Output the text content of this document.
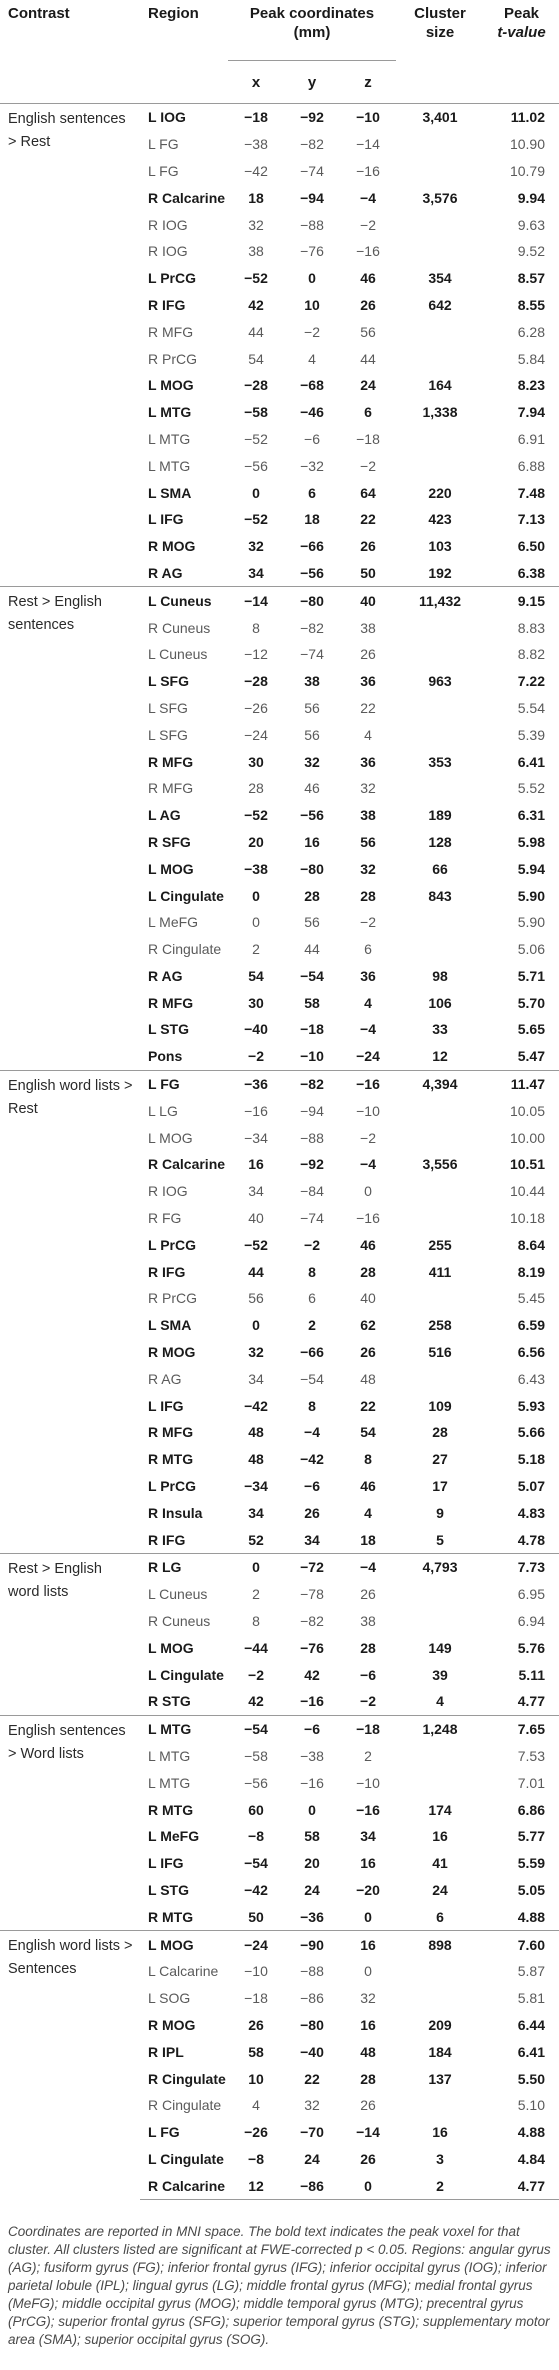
Contrast	Region	Peak coordinates (mm)			Cluster size	Peak
t-value
		x	y	z		
English sentences > Rest	L IOG	−18	−92	−10	3,401	11.02
	L FG	−38	−82	−14		10.90
	L FG	−42	−74	−16		10.79
	R Calcarine	18	−94	−4	3,576	9.94
	R IOG	32	−88	−2		9.63
	R IOG	38	−76	−16		9.52
	L PrCG	−52	0	46	354	8.57
	R IFG	42	10	26	642	8.55
	R MFG	44	−2	56		6.28
	R PrCG	54	4	44		5.84
	L MOG	−28	−68	24	164	8.23
	L MTG	−58	−46	6	1,338	7.94
	L MTG	−52	−6	−18		6.91
	L MTG	−56	−32	−2		6.88
	L SMA	0	6	64	220	7.48
	L IFG	−52	18	22	423	7.13
	R MOG	32	−66	26	103	6.50
	R AG	34	−56	50	192	6.38
Rest > English sentences	L Cuneus	−14	−80	40	11,432	9.15
	R Cuneus	8	−82	38		8.83
	L Cuneus	−12	−74	26		8.82
	L SFG	−28	38	36	963	7.22
	L SFG	−26	56	22		5.54
	L SFG	−24	56	4		5.39
	R MFG	30	32	36	353	6.41
	R MFG	28	46	32		5.52
	L AG	−52	−56	38	189	6.31
	R SFG	20	16	56	128	5.98
	L MOG	−38	−80	32	66	5.94
	L Cingulate	0	28	28	843	5.90
	L MeFG	0	56	−2		5.90
	R Cingulate	2	44	6		5.06
	R AG	54	−54	36	98	5.71
	R MFG	30	58	4	106	5.70
	L STG	−40	−18	−4	33	5.65
	Pons	−2	−10	−24	12	5.47
English word lists > Rest	L FG	−36	−82	−16	4,394	11.47
	L LG	−16	−94	−10		10.05
	L MOG	−34	−88	−2		10.00
	R Calcarine	16	−92	−4	3,556	10.51
	R IOG	34	−84	0		10.44
	R FG	40	−74	−16		10.18
	L PrCG	−52	−2	46	255	8.64
	R IFG	44	8	28	411	8.19
	R PrCG	56	6	40		5.45
	L SMA	0	2	62	258	6.59
	R MOG	32	−66	26	516	6.56
	R AG	34	−54	48		6.43
	L IFG	−42	8	22	109	5.93
	R MFG	48	−4	54	28	5.66
	R MTG	48	−42	8	27	5.18
	L PrCG	−34	−6	46	17	5.07
	R Insula	34	26	4	9	4.83
	R IFG	52	34	18	5	4.78
Rest > English word lists	R LG	0	−72	−4	4,793	7.73
	L Cuneus	2	−78	26		6.95
	R Cuneus	8	−82	38		6.94
	L MOG	−44	−76	28	149	5.76
	L Cingulate	−2	42	−6	39	5.11
	R STG	42	−16	−2	4	4.77
English sentences > Word lists	L MTG	−54	−6	−18	1,248	7.65
	L MTG	−58	−38	2		7.53
	L MTG	−56	−16	−10		7.01
	R MTG	60	0	−16	174	6.86
	L MeFG	−8	58	34	16	5.77
	L IFG	−54	20	16	41	5.59
	L STG	−42	24	−20	24	5.05
	R MTG	50	−36	0	6	4.88
English word lists > Sentences	L MOG	−24	−90	16	898	7.60
	L Calcarine	−10	−88	0		5.87
	L SOG	−18	−86	32		5.81
	R MOG	26	−80	16	209	6.44
	R IPL	58	−40	48	184	6.41
	R Cingulate	10	22	28	137	5.50
	R Cingulate	4	32	26		5.10
	L FG	−26	−70	−14	16	4.88
	L Cingulate	−8	24	26	3	4.84
	R Calcarine	12	−86	0	2	4.77

Coordinates are reported in MNI space. The bold text indicates the peak voxel for that cluster. All clusters listed are significant at FWE-corrected p < 0.05. Regions: angular gyrus (AG); fusiform gyrus (FG); inferior frontal gyrus (IFG); inferior occipital gyrus (IOG); inferior parietal lobule (IPL); lingual gyrus (LG); middle frontal gyrus (MFG); medial frontal gyrus (MeFG); middle occipital gyrus (MOG); middle temporal gyrus (MTG); precentral gyrus (PrCG); superior frontal gyrus (SFG); superior temporal gyrus (STG); supplementary motor area (SMA); superior occipital gyrus (SOG).
